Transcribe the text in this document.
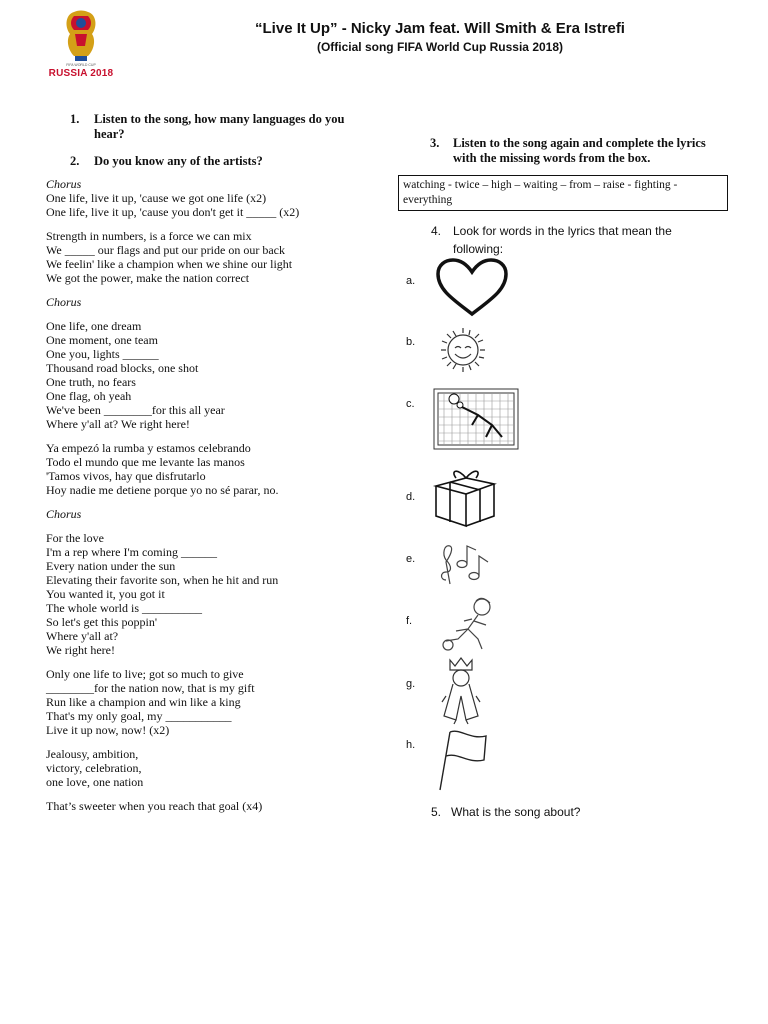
FIFA WORLD CUP
RUSSIA 2018
“Live It Up” - Nicky Jam feat. Will Smith & Era Istrefi
(Official song FIFA World Cup Russia 2018)
1. Listen to the song, how many languages do you hear?
2. Do you know any of the artists?
Chorus
One life, live it up, 'cause we got one life (x2)
One life, live it up, 'cause you don't get it _____ (x2)
Strength in numbers, is a force we can mix
We _____ our flags and put our pride on our back
We feelin' like a champion when we shine our light
We got the power, make the nation correct
Chorus
One life, one dream
One moment, one team
One you, lights ______
Thousand road blocks, one shot
One truth, no fears
One flag, oh yeah
We've been ________for this all year
Where y'all at? We right here!
Ya empezó la rumba y estamos celebrando
Todo el mundo que me levante las manos
'Tamos vivos, hay que disfrutarlo
Hoy nadie me detiene porque yo no sé parar, no.
Chorus
For the love
I'm a rep where I'm coming ______
Every nation under the sun
Elevating their favorite son, when he hit and run
You wanted it, you got it
The whole world is __________
So let's get this poppin'
Where y'all at?
We right here!
Only one life to live; got so much to give
________for the nation now, that is my gift
Run like a champion and win like a king
That's my only goal, my ___________
Live it up now, now! (x2)
Jealousy, ambition,
victory, celebration,
one love, one nation
That’s sweeter when you reach that goal (x4)
3. Listen to the song again and complete the lyrics with the missing words from the box.
watching - twice – high – waiting – from – raise - fighting - everything
4. Look for words in the lyrics that mean the following:
a.
b.
c.
d.
e.
f.
g.
h.
5. What is the song about?
